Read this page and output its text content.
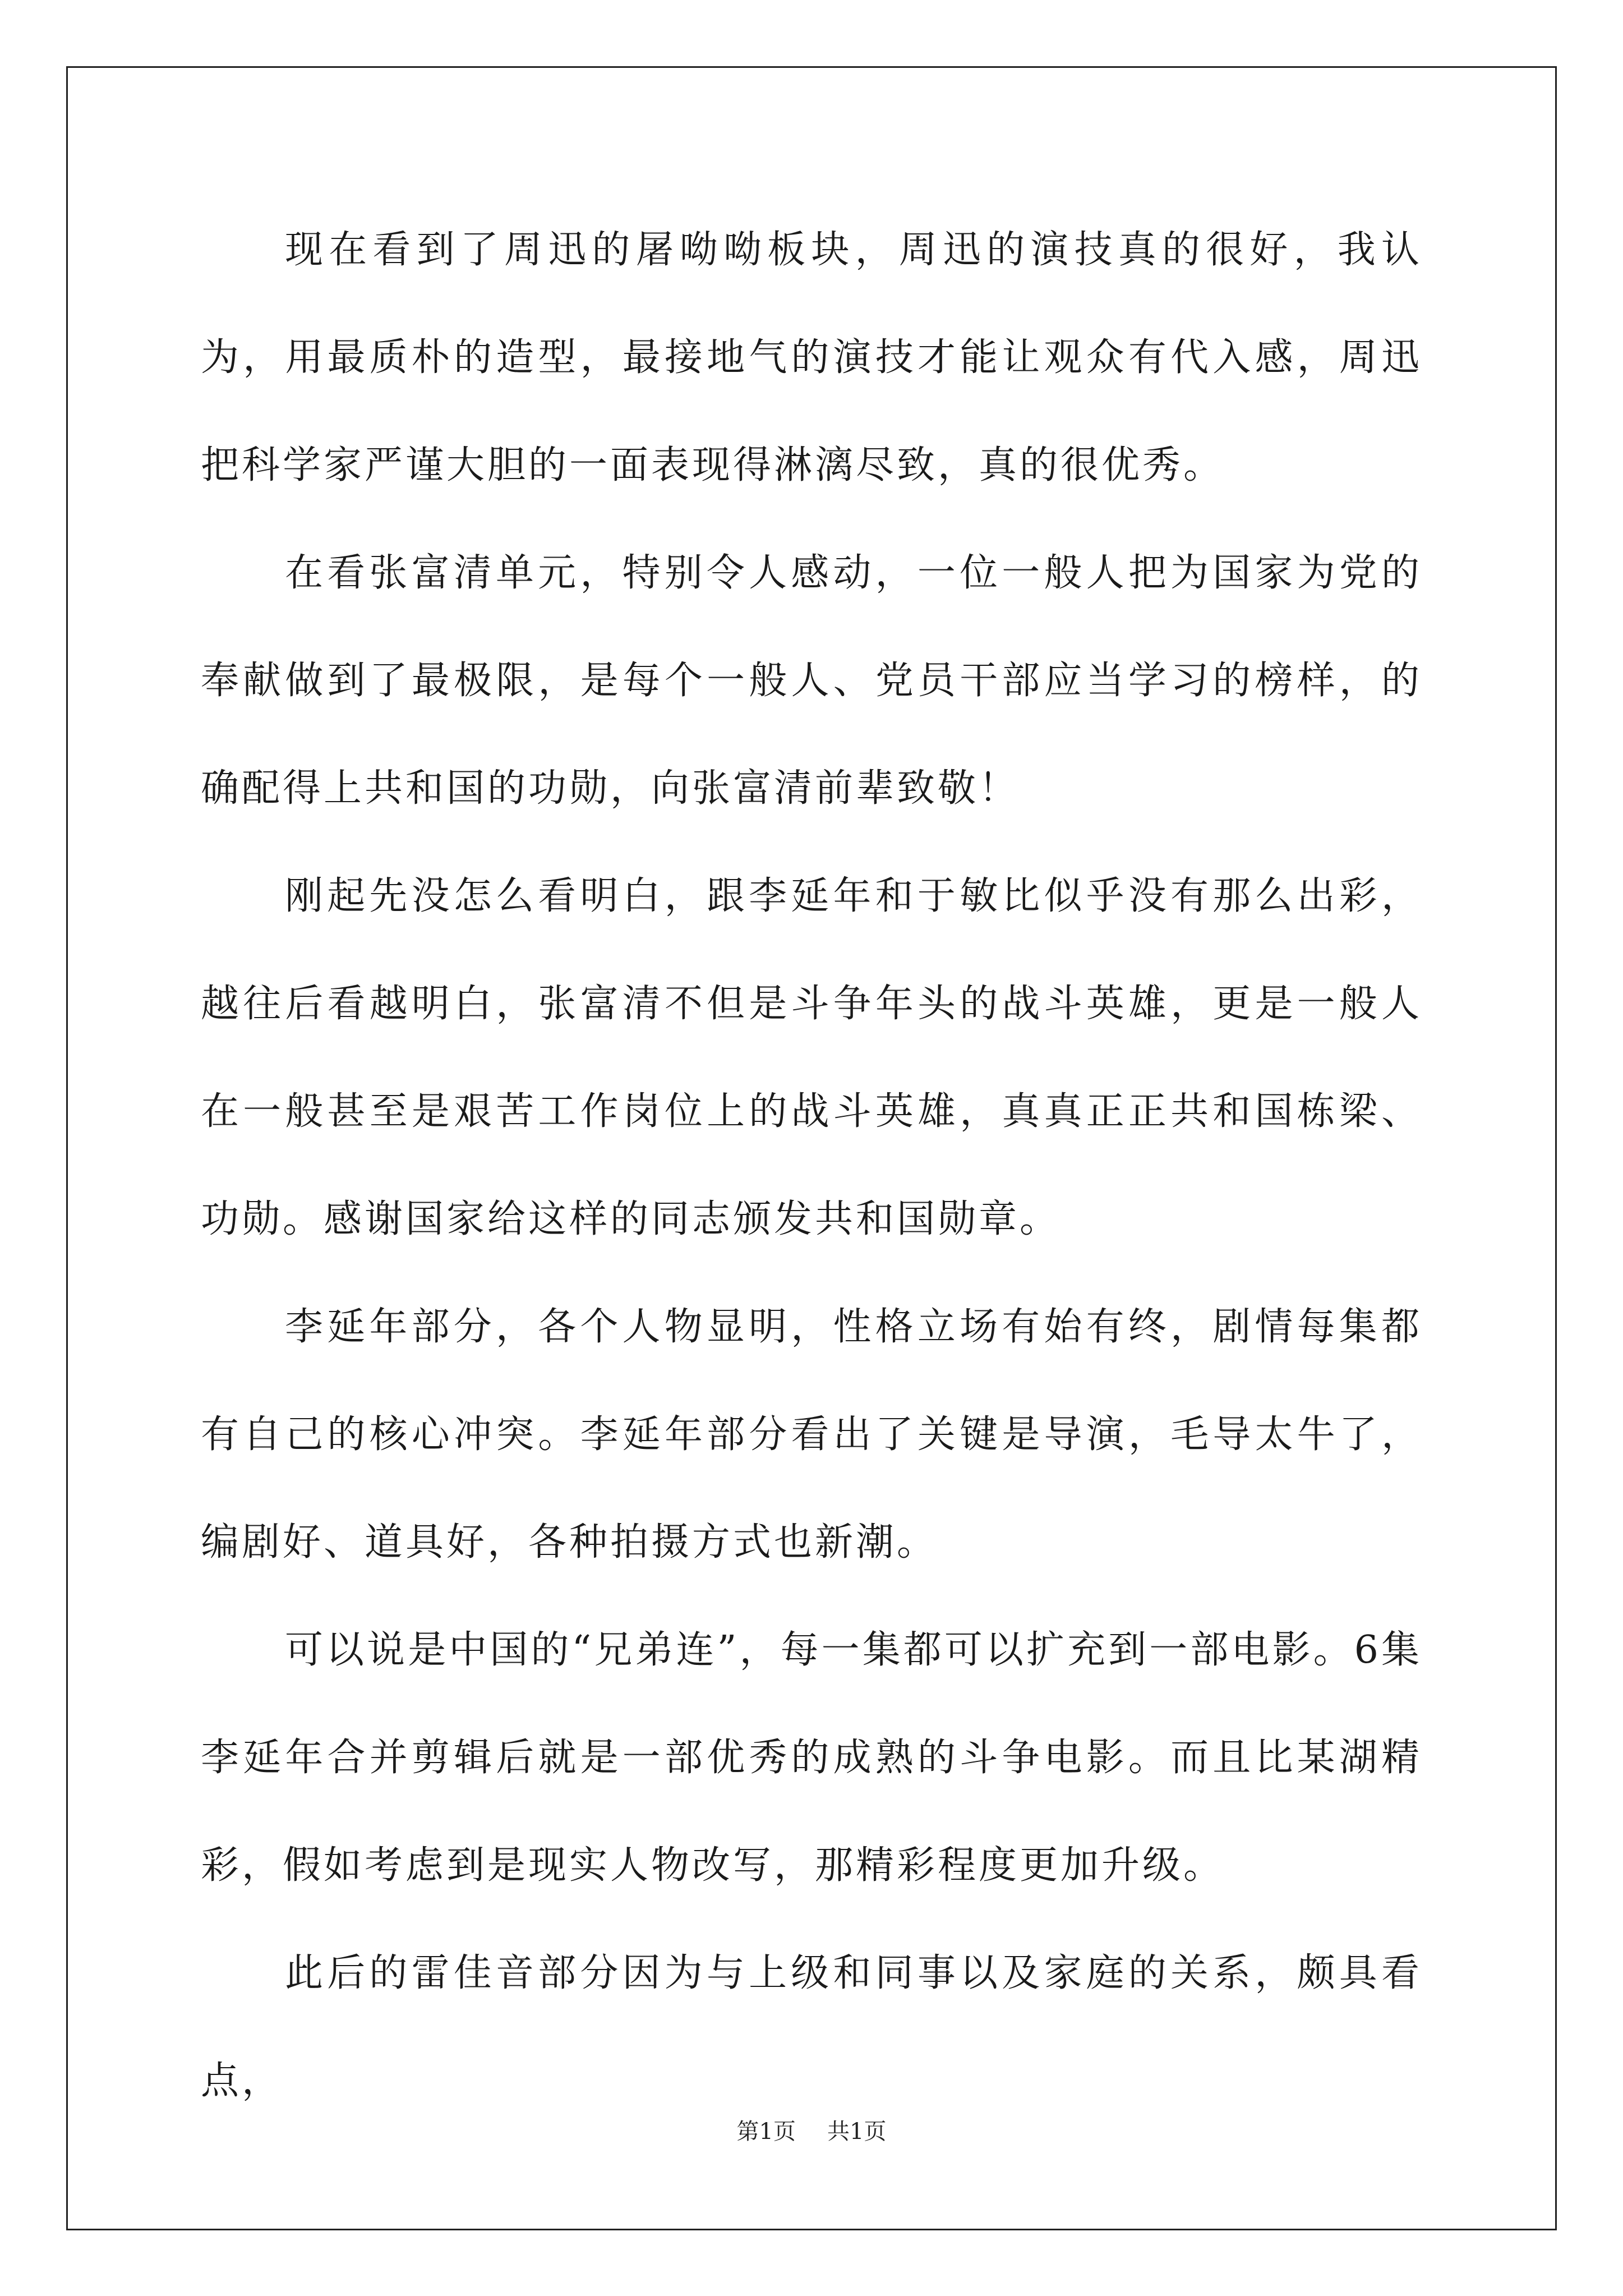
现在看到了周迅的屠呦呦板块，周迅的演技真的很好，我认为，用最质朴的造型，最接地气的演技才能让观众有代入感，周迅把科学家严谨大胆的一面表现得淋漓尽致，真的很优秀。

在看张富清单元，特别令人感动，一位一般人把为国家为党的奉献做到了最极限，是每个一般人、党员干部应当学习的榜样，的确配得上共和国的功勋，向张富清前辈致敬！

刚起先没怎么看明白，跟李延年和于敏比似乎没有那么出彩，越往后看越明白，张富清不但是斗争年头的战斗英雄，更是一般人在一般甚至是艰苦工作岗位上的战斗英雄，真真正正共和国栋梁、功勋。感谢国家给这样的同志颁发共和国勋章。

李延年部分，各个人物显明，性格立场有始有终，剧情每集都有自己的核心冲突。李延年部分看出了关键是导演，毛导太牛了，编剧好、道具好，各种拍摄方式也新潮。

可以说是中国的“兄弟连”，每一集都可以扩充到一部电影。6集李延年合并剪辑后就是一部优秀的成熟的斗争电影。而且比某湖精彩，假如考虑到是现实人物改写，那精彩程度更加升级。

此后的雷佳音部分因为与上级和同事以及家庭的关系，颇具看点，

第1页 共1页
